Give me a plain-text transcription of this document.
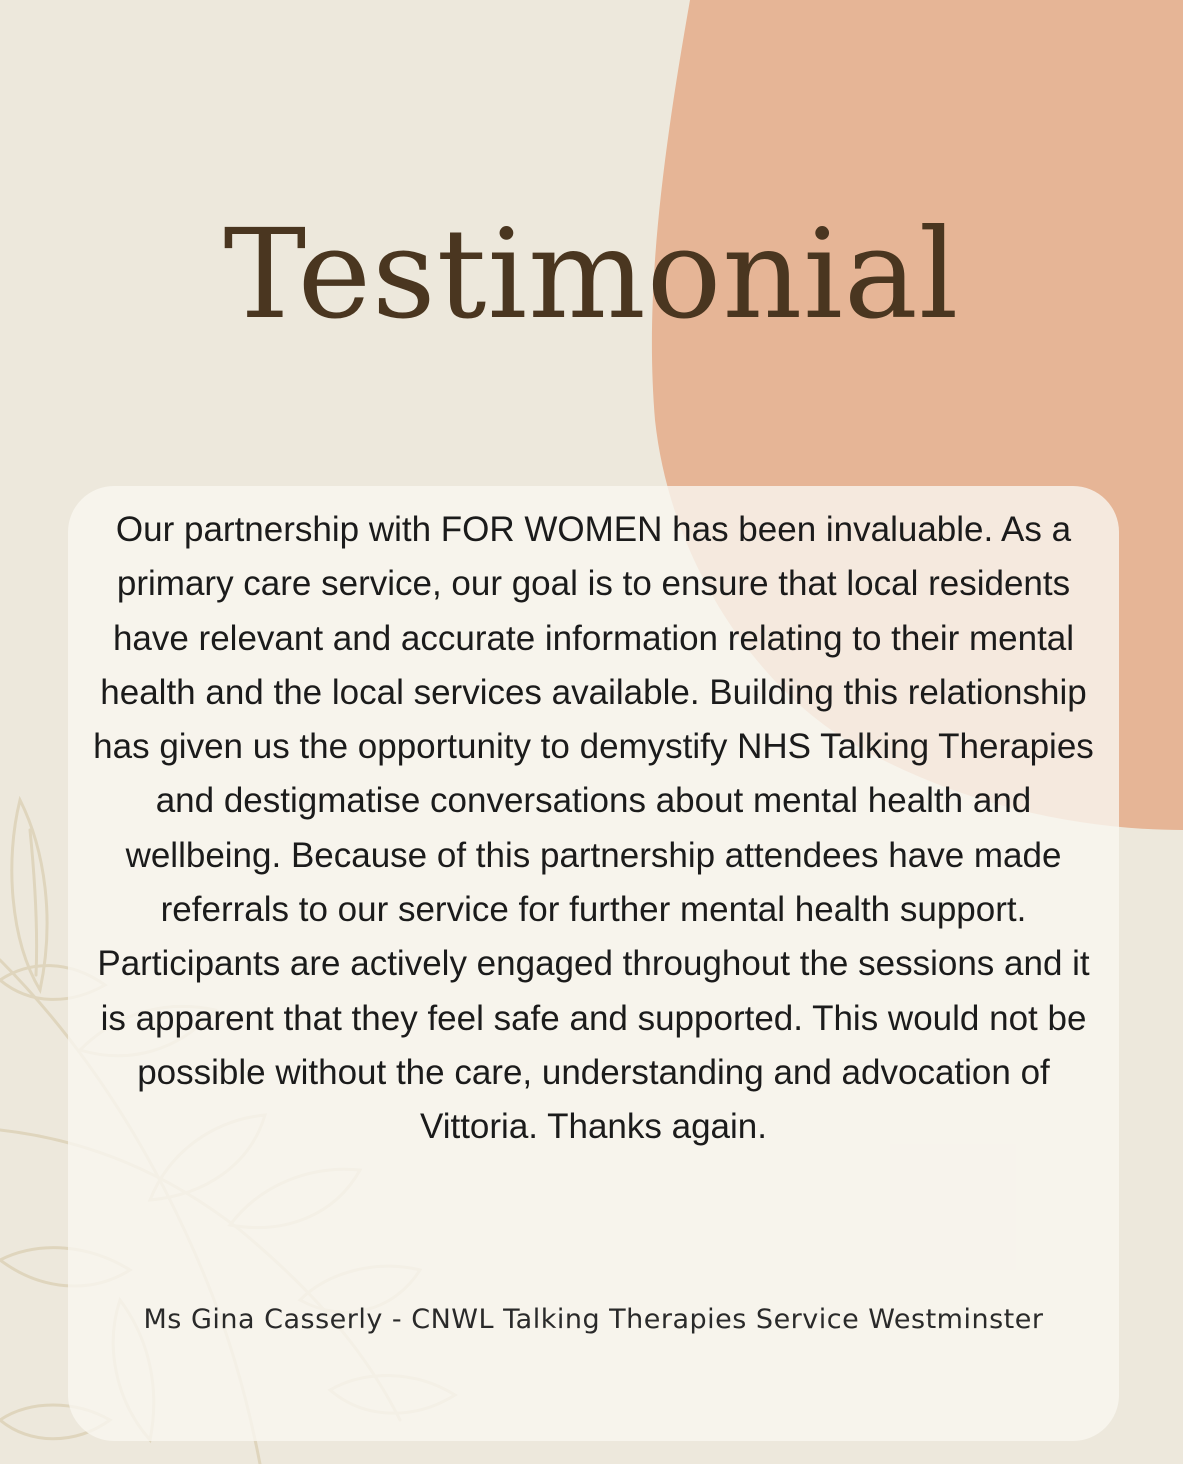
Testimonial

Our partnership with FOR WOMEN has been invaluable. As a primary care service, our goal is to ensure that local residents have relevant and accurate information relating to their mental health and the local services available. Building this relationship has given us the opportunity to demystify NHS Talking Therapies and destigmatise conversations about mental health and wellbeing. Because of this partnership attendees have made referrals to our service for further mental health support. Participants are actively engaged throughout the sessions and it is apparent that they feel safe and supported. This would not be possible without the care, understanding and advocation of Vittoria. Thanks again.

Ms Gina Casserly - CNWL Talking Therapies Service Westminster
